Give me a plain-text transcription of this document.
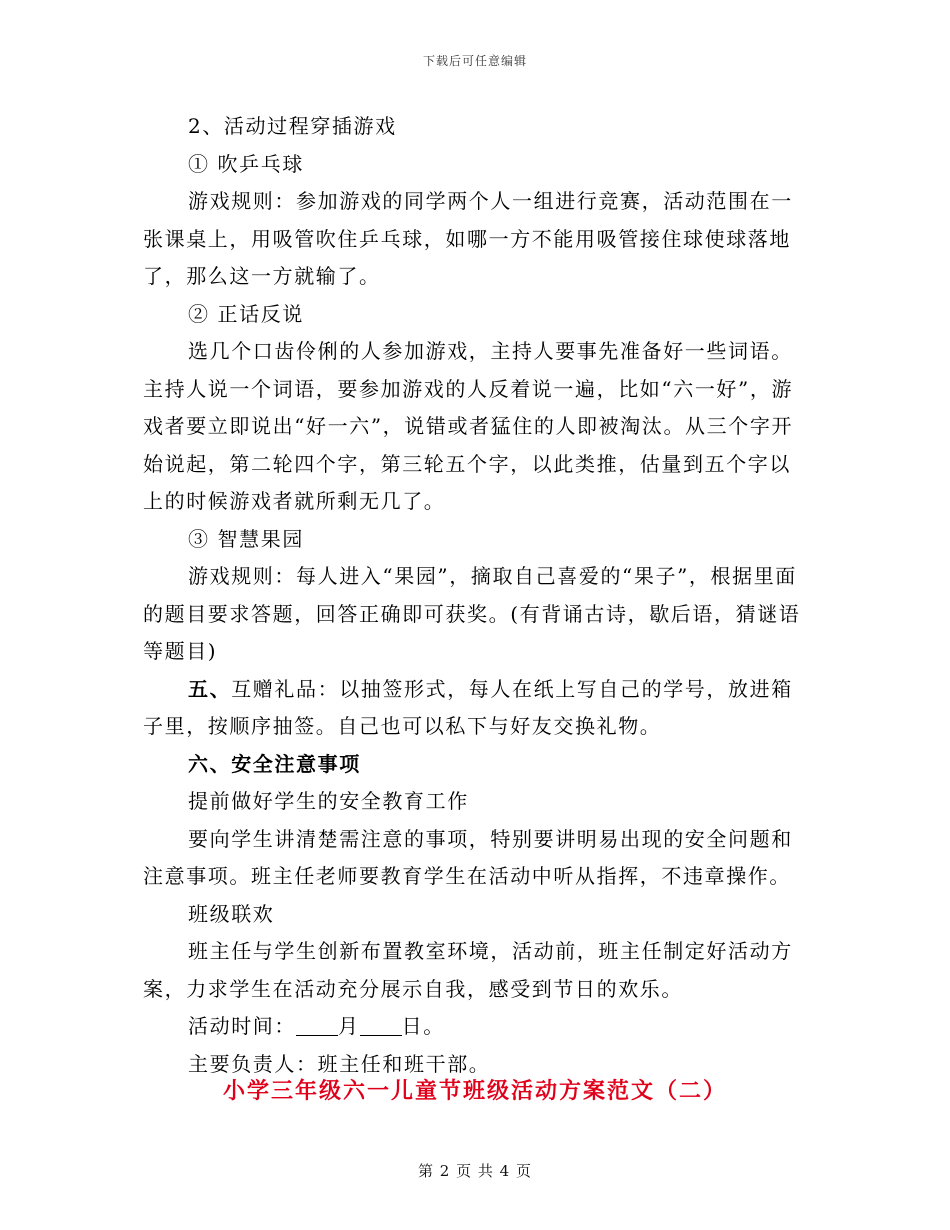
下载后可任意编辑

2、活动过程穿插游戏

① 吹乒乓球

游戏规则：参加游戏的同学两个人一组进行竞赛，活动范围在一张课桌上，用吸管吹住乒乓球，如哪一方不能用吸管接住球使球落地了，那么这一方就输了。

② 正话反说

选几个口齿伶俐的人参加游戏，主持人要事先准备好一些词语。主持人说一个词语，要参加游戏的人反着说一遍，比如“六一好”，游戏者要立即说出“好一六”，说错或者猛住的人即被淘汰。从三个字开始说起，第二轮四个字，第三轮五个字，以此类推，估量到五个字以上的时候游戏者就所剩无几了。

③ 智慧果园

游戏规则：每人进入“果园”，摘取自己喜爱的“果子”，根据里面的题目要求答题，回答正确即可获奖。(有背诵古诗，歇后语，猜谜语等题目)

五、互赠礼品：以抽签形式，每人在纸上写自己的学号，放进箱子里，按顺序抽签。自己也可以私下与好友交换礼物。

六、安全注意事项

提前做好学生的安全教育工作

要向学生讲清楚需注意的事项，特别要讲明易出现的安全问题和注意事项。班主任老师要教育学生在活动中听从指挥，不违章操作。

班级联欢

班主任与学生创新布置教室环境，活动前，班主任制定好活动方案，力求学生在活动充分展示自我，感受到节日的欢乐。

活动时间： 月 日。

主要负责人：班主任和班干部。

小学三年级六一儿童节班级活动方案范文（二）
第 2 页 共 4 页
